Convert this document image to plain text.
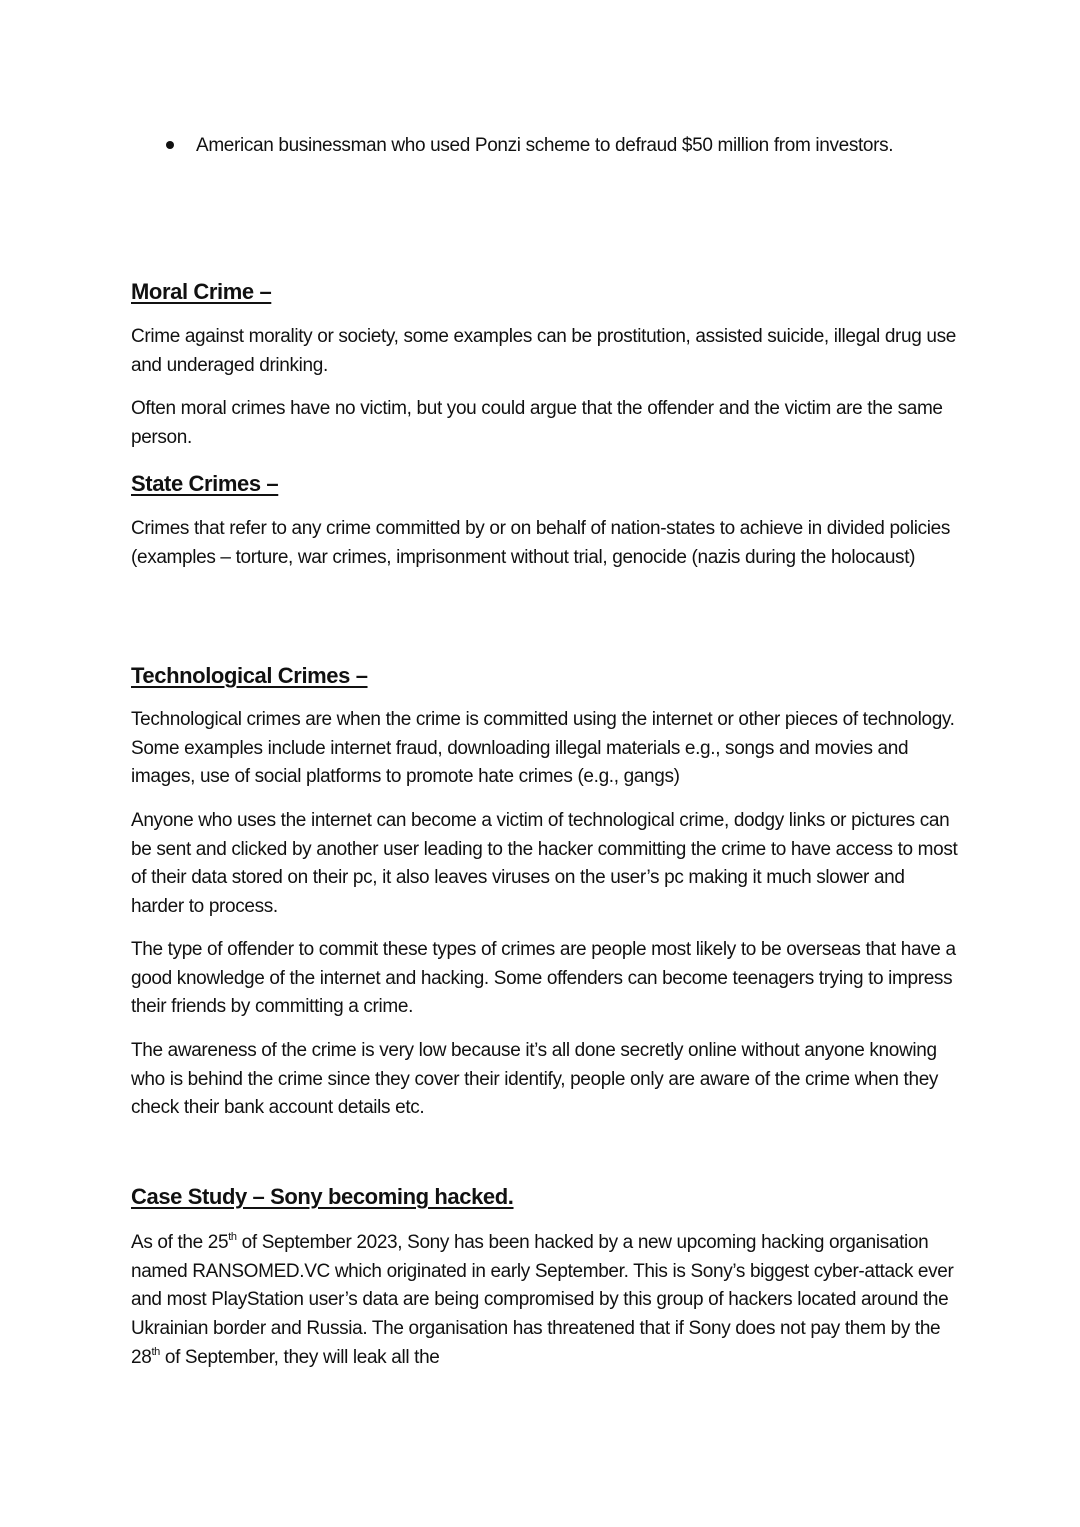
American businessman who used Ponzi scheme to defraud $50 million from investors.
Moral Crime –

Crime against morality or society, some examples can be prostitution, assisted suicide, illegal drug use and underaged drinking.

Often moral crimes have no victim, but you could argue that the offender and the victim are the same person.

State Crimes –

Crimes that refer to any crime committed by or on behalf of nation-states to achieve in divided policies (examples – torture, war crimes, imprisonment without trial, genocide (nazis during the holocaust)

Technological Crimes –

Technological crimes are when the crime is committed using the internet or other pieces of technology. Some examples include internet fraud, downloading illegal materials e.g., songs and movies and images, use of social platforms to promote hate crimes (e.g., gangs)

Anyone who uses the internet can become a victim of technological crime, dodgy links or pictures can be sent and clicked by another user leading to the hacker committing the crime to have access to most of their data stored on their pc, it also leaves viruses on the user’s pc making it much slower and harder to process.

The type of offender to commit these types of crimes are people most likely to be overseas that have a good knowledge of the internet and hacking. Some offenders can become teenagers trying to impress their friends by committing a crime.

The awareness of the crime is very low because it’s all done secretly online without anyone knowing who is behind the crime since they cover their identify, people only are aware of the crime when they check their bank account details etc.

Case Study – Sony becoming hacked.

As of the 25th of September 2023, Sony has been hacked by a new upcoming hacking organisation named RANSOMED.VC which originated in early September. This is Sony’s biggest cyber-attack ever and most PlayStation user’s data are being compromised by this group of hackers located around the Ukrainian border and Russia. The organisation has threatened that if Sony does not pay them by the 28th of September, they will leak all the
